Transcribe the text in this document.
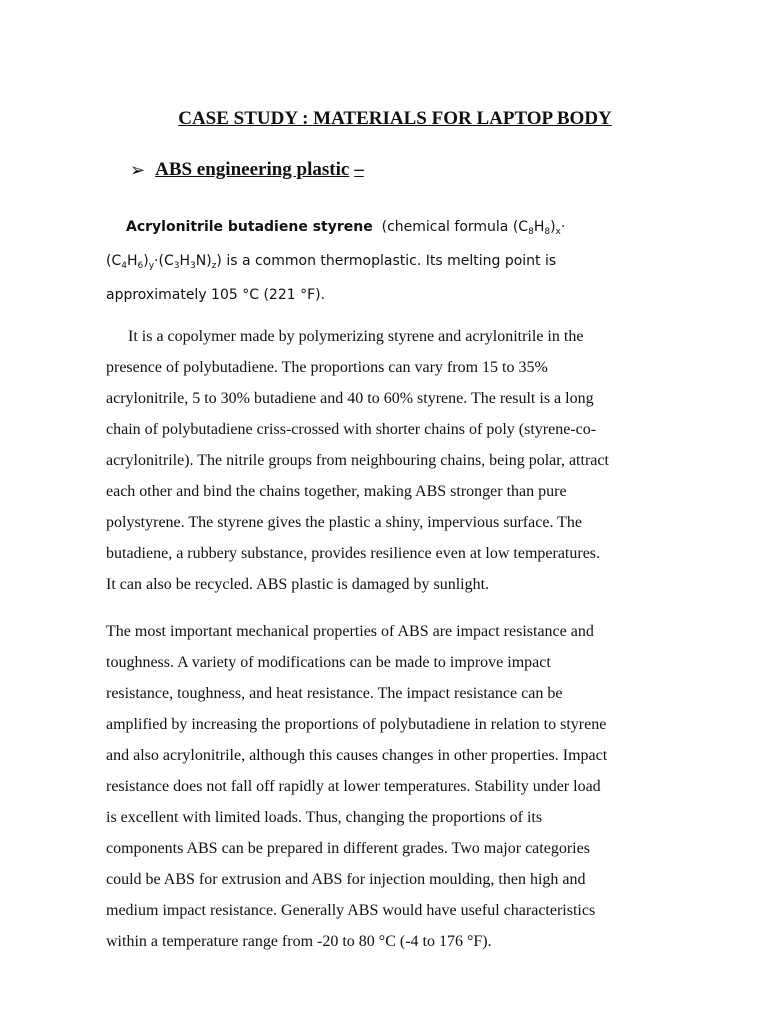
CASE STUDY : MATERIALS FOR LAPTOP BODY
➢ ABS engineering plastic –
Acrylonitrile butadiene styrene (chemical formula $(C_8H_8)_x\cdot$
$(C_4H_6)_y\cdot(C_3H_3N)_z$) is a common thermoplastic. Its melting point is
approximately 105 °C (221 °F).
It is a copolymer made by polymerizing styrene and acrylonitrile in the
presence of polybutadiene. The proportions can vary from 15 to 35%
acrylonitrile, 5 to 30% butadiene and 40 to 60% styrene. The result is a long
chain of polybutadiene criss-crossed with shorter chains of poly (styrene-co-
acrylonitrile). The nitrile groups from neighbouring chains, being polar, attract
each other and bind the chains together, making ABS stronger than pure
polystyrene. The styrene gives the plastic a shiny, impervious surface. The
butadiene, a rubbery substance, provides resilience even at low temperatures.
It can also be recycled. ABS plastic is damaged by sunlight.
The most important mechanical properties of ABS are impact resistance and
toughness. A variety of modifications can be made to improve impact
resistance, toughness, and heat resistance. The impact resistance can be
amplified by increasing the proportions of polybutadiene in relation to styrene
and also acrylonitrile, although this causes changes in other properties. Impact
resistance does not fall off rapidly at lower temperatures. Stability under load
is excellent with limited loads. Thus, changing the proportions of its
components ABS can be prepared in different grades. Two major categories
could be ABS for extrusion and ABS for injection moulding, then high and
medium impact resistance. Generally ABS would have useful characteristics
within a temperature range from -20 to 80 °C (-4 to 176 °F).
